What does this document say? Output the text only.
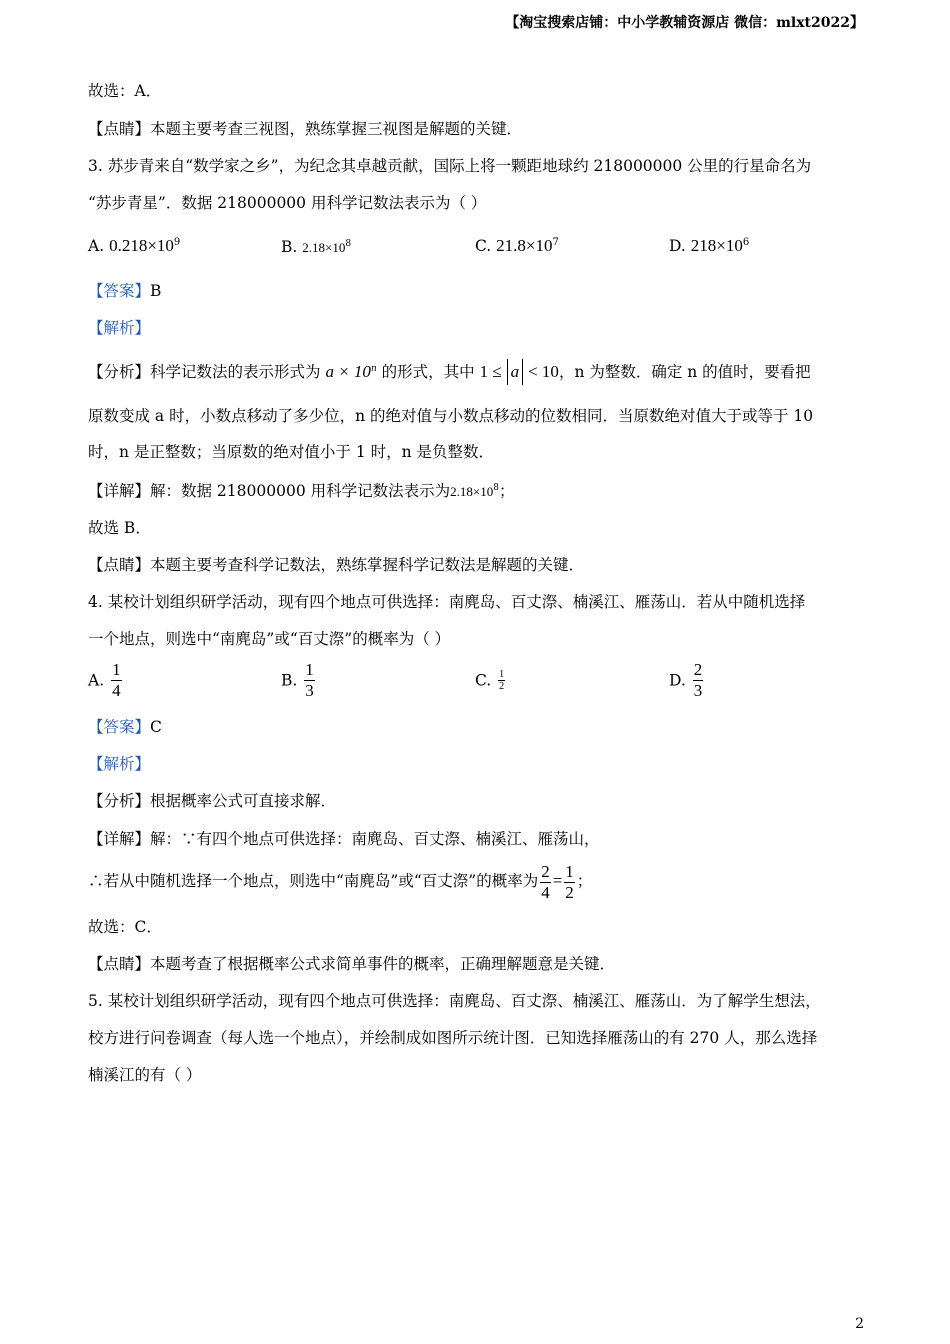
【淘宝搜索店铺：中小学教辅资源店 微信：mlxt2022】
故选：A．
【点睛】本题主要考查三视图，熟练掌握三视图是解题的关键．
3. 苏步青来自“数学家之乡”，为纪念其卓越贡献，国际上将一颗距地球约 218000000 公里的行星命名为
“苏步青星”．数据 218000000 用科学记数法表示为（ ）
A. $0.218\times 10^9$	B. $2.18\times 10^8$	C. $21.8\times 10^7$	D. $218\times 10^6$
【答案】B
【解析】
【分析】科学记数法的表示形式为 $a \times 10^n$ 的形式，其中 1 ≤ a < 10，n 为整数．确定 n 的值时，要看把
原数变成 a 时，小数点移动了多少位，n 的绝对值与小数点移动的位数相同．当原数绝对值大于或等于 10
时，n 是正整数；当原数的绝对值小于 1 时，n 是负整数．
【详解】解：数据 218000000 用科学记数法表示为$2.18\times 10^8$；
故选 B．
【点睛】本题主要考查科学记数法，熟练掌握科学记数法是解题的关键．
4. 某校计划组织研学活动，现有四个地点可供选择：南麂岛、百丈漈、楠溪江、雁荡山．若从中随机选择
一个地点，则选中“南麂岛”或“百丈漈”的概率为（ ）
A. $\frac{1}{4}$	B. $\frac{1}{3}$	C. $\frac{1}{2}$	D. $\frac{2}{3}$
【答案】C
【解析】
【分析】根据概率公式可直接求解．
【详解】解：∵有四个地点可供选择：南麂岛、百丈漈、楠溪江、雁荡山，
∴若从中随机选择一个地点，则选中“南麂岛”或“百丈漈”的概率为 $\frac{2}{4} = \frac{1}{2}$ ；
故选：C．
【点睛】本题考查了根据概率公式求简单事件的概率，正确理解题意是关键．
5. 某校计划组织研学活动，现有四个地点可供选择：南麂岛、百丈漈、楠溪江、雁荡山．为了解学生想法，
校方进行问卷调查（每人选一个地点），并绘制成如图所示统计图．已知选择雁荡山的有 270 人，那么选择
楠溪江的有（ ）
2
